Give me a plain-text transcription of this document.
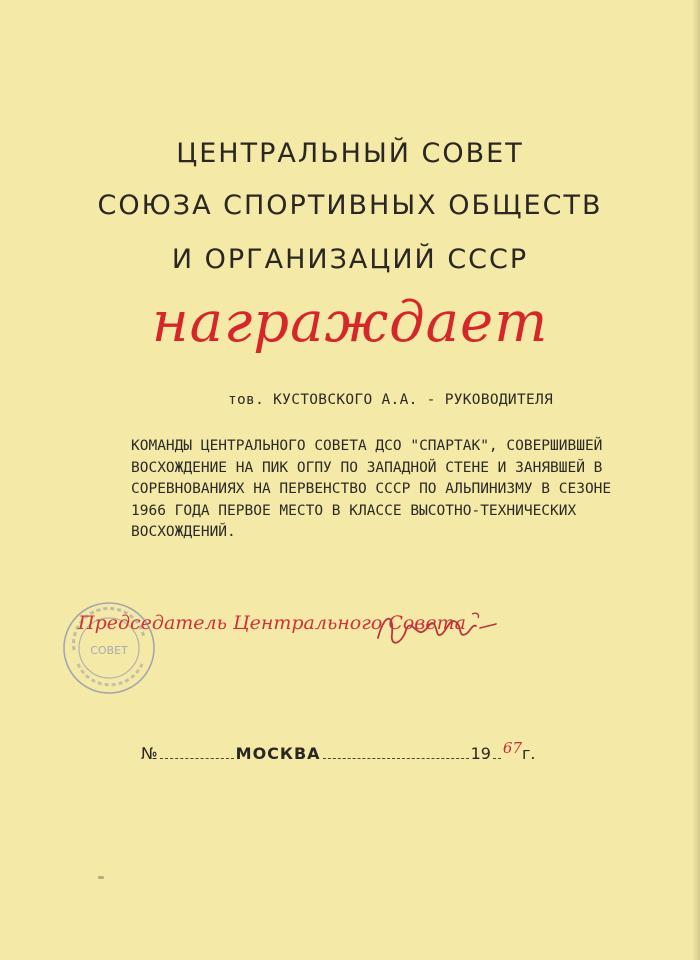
ЦЕНТРАЛЬНЫЙ СОВЕТ
СОЮЗА СПОРТИВНЫХ ОБЩЕСТВ
И ОРГАНИЗАЦИЙ СССР
награждает
тов. КУСТОВСКОГО А.А. - РУКОВОДИТЕЛЯ
КОМАНДЫ ЦЕНТРАЛЬНОГО СОВЕТА ДСО "СПАРТАК", СОВЕРШИВШЕЙ
ВОСХОЖДЕНИЕ НА ПИК ОГПУ ПО ЗАПАДНОЙ СТЕНЕ И ЗАНЯВШЕЙ В
СОРЕВНОВАНИЯХ НА ПЕРВЕНСТВО СССР ПО АЛЬПИНИЗМУ В СЕЗОНЕ
1966 ГОДА ПЕРВОЕ МЕСТО В КЛАССЕ ВЫСОТНО-ТЕХНИЧЕСКИХ
ВОСХОЖДЕНИЙ.
СОВЕТ
Председатель Центрального Совета
№	МОСКВА	19 67г.
